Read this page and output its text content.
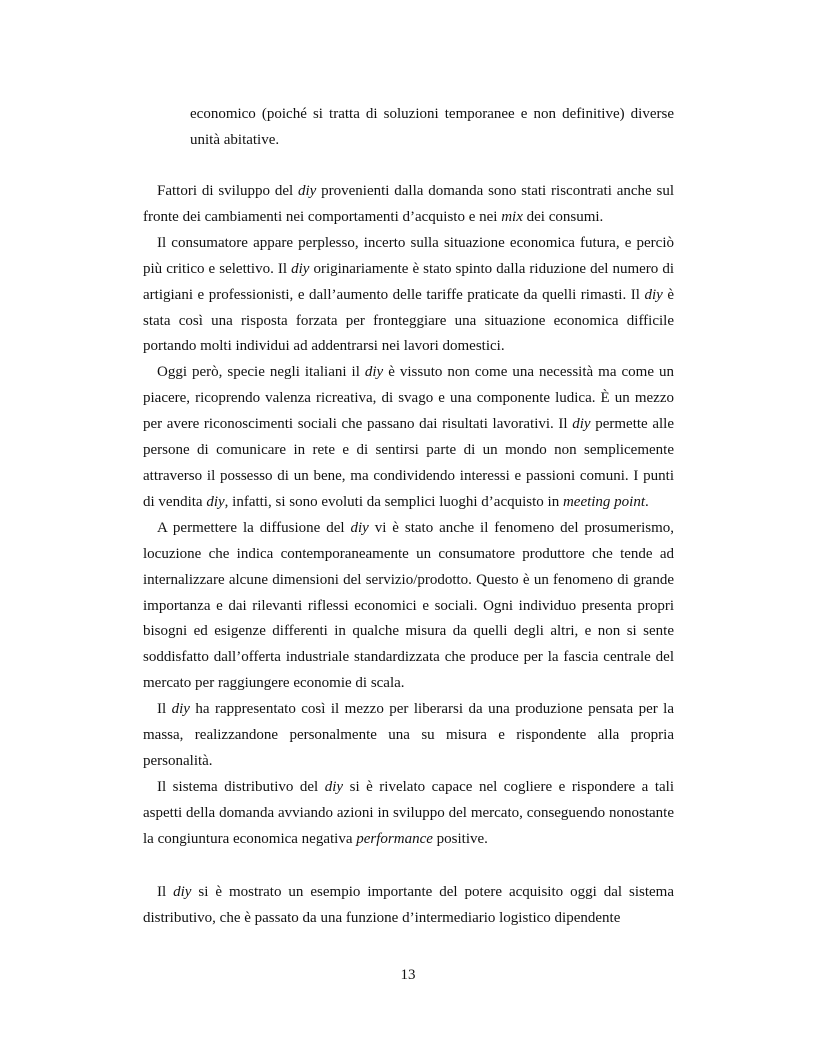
economico (poiché si tratta di soluzioni temporanee e non definitive) diverse unità abitative.

Fattori di sviluppo del diy provenienti dalla domanda sono stati riscontrati anche sul fronte dei cambiamenti nei comportamenti d’acquisto e nei mix dei consumi.

Il consumatore appare perplesso, incerto sulla situazione economica futura, e perciò più critico e selettivo. Il diy originariamente è stato spinto dalla riduzione del numero di artigiani e professionisti, e dall’aumento delle tariffe praticate da quelli rimasti. Il diy è stata così una risposta forzata per fronteggiare una situazione economica difficile portando molti individui ad addentrarsi nei lavori domestici.

Oggi però, specie negli italiani il diy è vissuto non come una necessità ma come un piacere, ricoprendo valenza ricreativa, di svago e una componente ludica. È un mezzo per avere riconoscimenti sociali che passano dai risultati lavorativi. Il diy permette alle persone di comunicare in rete e di sentirsi parte di un mondo non semplicemente attraverso il possesso di un bene, ma condividendo interessi e passioni comuni. I punti di vendita diy, infatti, si sono evoluti da semplici luoghi d’acquisto in meeting point.

A permettere la diffusione del diy vi è stato anche il fenomeno del prosumerismo, locuzione che indica contemporaneamente un consumatore produttore che tende ad internalizzare alcune dimensioni del servizio/prodotto. Questo è un fenomeno di grande importanza e dai rilevanti riflessi economici e sociali. Ogni individuo presenta propri bisogni ed esigenze differenti in qualche misura da quelli degli altri, e non si sente soddisfatto dall’offerta industriale standardizzata che produce per la fascia centrale del mercato per raggiungere economie di scala.

Il diy ha rappresentato così il mezzo per liberarsi da una produzione pensata per la massa, realizzandone personalmente una su misura e rispondente alla propria personalità.

Il sistema distributivo del diy si è rivelato capace nel cogliere e rispondere a tali aspetti della domanda avviando azioni in sviluppo del mercato, conseguendo nonostante la congiuntura economica negativa performance positive.

Il diy si è mostrato un esempio importante del potere acquisito oggi dal sistema distributivo, che è passato da una funzione d’intermediario logistico dipendente

13
